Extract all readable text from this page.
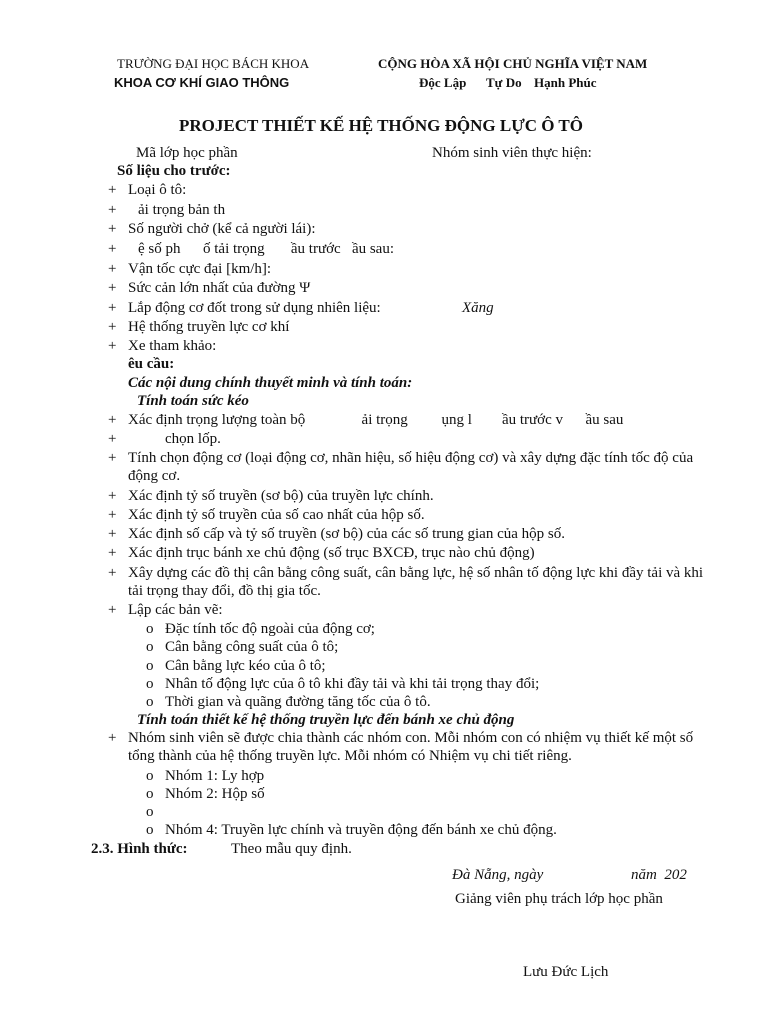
TRƯỜNG ĐẠI HỌC BÁCH KHOA
KHOA CƠ KHÍ GIAO THÔNG
CỘNG HÒA XÃ HỘI CHỦ NGHĨA VIỆT NAM
Độc Lập Tự Do Hạnh Phúc
PROJECT THIẾT KẾ HỆ THỐNG ĐỘNG LỰC Ô TÔ
Mã lớp học phần	Nhóm sinh viên thực hiện:
Số liệu cho trước:
+ Loại ô tô:
+	ải trọng bản th
+ Số người chở (kể cả người lái):
+	ệ số ph      ố tải trọng       ầu trước   ầu sau:
+ Vận tốc cực đại [km/h]:
+ Sức cản lớn nhất của đường Ψ
+ Lắp động cơ đốt trong sử dụng nhiên liệu:	Xăng
+ Hệ thống truyền lực cơ khí
+ Xe tham khảo:
êu cầu:
Các nội dung chính thuyết minh và tính toán:
Tính toán sức kéo
+ Xác định trọng lượng toàn bộ               ải trọng         ụng l        ầu trước v      ầu sau
+	chọn lốp.
+ Tính chọn động cơ (loại động cơ, nhãn hiệu, số hiệu động cơ) và xây dựng đặc tính tốc độ của động cơ.
+ Xác định tỷ số truyền (sơ bộ) của truyền lực chính.
+ Xác định tỷ số truyền của số cao nhất của hộp số.
+ Xác định số cấp và tỷ số truyền (sơ bộ) của các số trung gian của hộp số.
+ Xác định trục bánh xe chủ động (số trục BXCĐ, trục nào chủ động)
+ Xây dựng các đồ thị cân bằng công suất, cân bằng lực, hệ số nhân tố động lực khi đầy tải và khi tải trọng thay đổi, đồ thị gia tốc.
+ Lập các bản vẽ:
o Đặc tính tốc độ ngoài của động cơ;
o Cân bằng công suất của ô tô;
o Cân bằng lực kéo của ô tô;
o Nhân tố động lực của ô tô khi đầy tải và khi tải trọng thay đổi;
o Thời gian và quãng đường tăng tốc của ô tô.
Tính toán thiết kế hệ thống truyền lực đến bánh xe chủ động
+ Nhóm sinh viên sẽ được chia thành các nhóm con. Mỗi nhóm con có nhiệm vụ thiết kế một số tổng thành của hệ thống truyền lực. Mỗi nhóm có Nhiệm vụ chi tiết riêng.
o Nhóm 1: Ly hợp
o Nhóm 2: Hộp số
o
o Nhóm 4: Truyền lực chính và truyền động đến bánh xe chủ động.
2.3. Hình thức:	Theo mẫu quy định.
Đà Nẵng, ngày	năm  202
Giảng viên phụ trách lớp học phần
Lưu Đức Lịch
